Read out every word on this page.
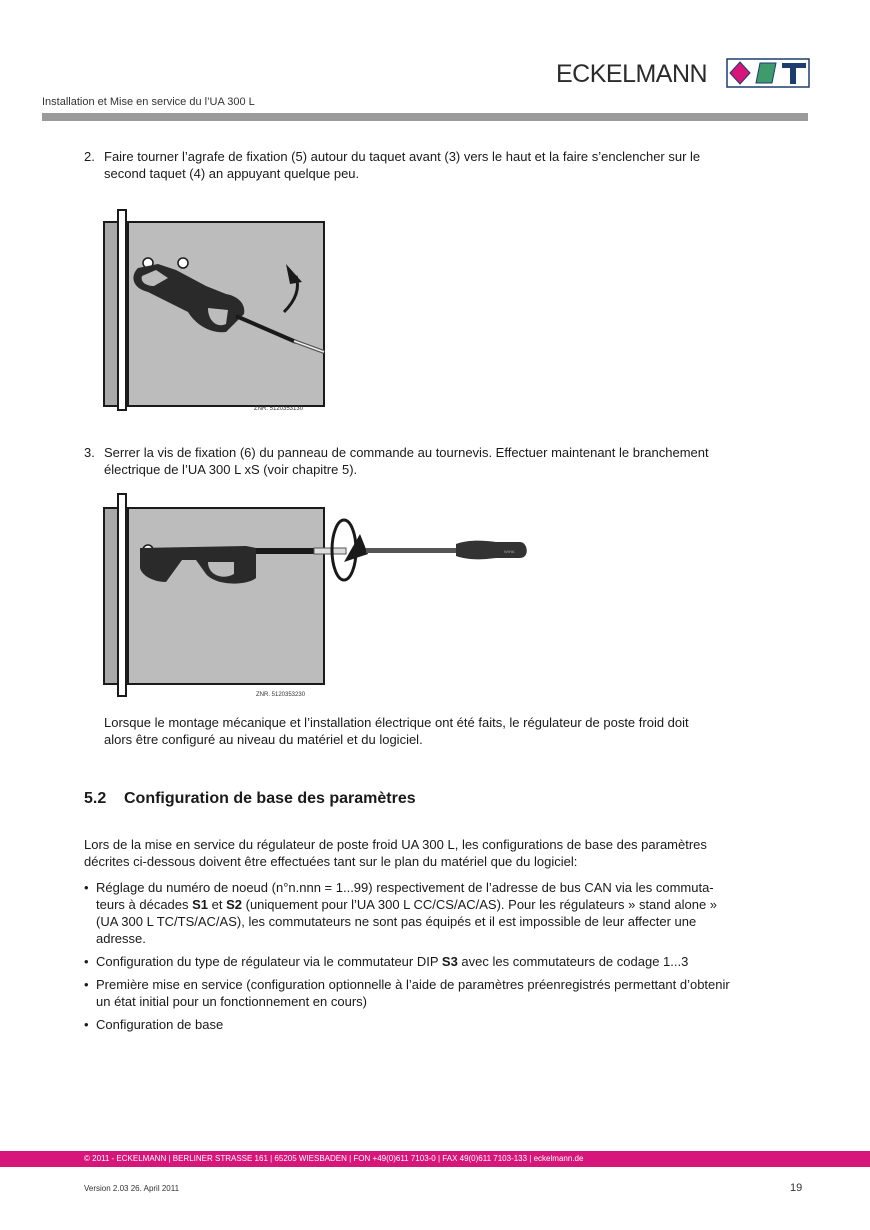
ECKELMANN
Installation et Mise en service du l’UA 300 L
2. Faire tourner l’agrafe de fixation (5) autour du taquet avant (3) vers le haut et la faire s’enclencher sur le
second taquet (4) an appuyant quelque peu.
ZNR. 5120353130
3. Serrer la vis de fixation (6) du panneau de commande au tournevis. Effectuer maintenant le branchement
électrique de l’UA 300 L xS (voir chapitre 5).
WIHA
ZNR. 5120353230
Lorsque le montage mécanique et l’installation électrique ont été faits, le régulateur de poste froid doit
alors être configuré au niveau du matériel et du logiciel.
5.2 Configuration de base des paramètres
Lors de la mise en service du régulateur de poste froid UA 300 L, les configurations de base des paramètres
décrites ci-dessous doivent être effectuées tant sur le plan du matériel que du logiciel:
• Réglage du numéro de noeud (n°n.nnn = 1...99) respectivement de l’adresse de bus CAN via les commuta-
teurs à décades S1 et S2 (uniquement pour l’UA 300 L CC/CS/AC/AS). Pour les régulateurs » stand alone »
(UA 300 L TC/TS/AC/AS), les commutateurs ne sont pas équipés et il est impossible de leur affecter une
adresse.
• Configuration du type de régulateur via le commutateur DIP S3 avec les commutateurs de codage 1...3
• Première mise en service (configuration optionnelle à l’aide de paramètres préenregistrés permettant d’obtenir
un état initial pour un fonctionnement en cours)
• Configuration de base
© 2011 - ECKELMANN | BERLINER STRASSE 161 | 65205 WIESBADEN | FON +49(0)611 7103-0 | FAX 49(0)611 7103-133 | eckelmann.de
Version 2.03 26. April 2011	19
